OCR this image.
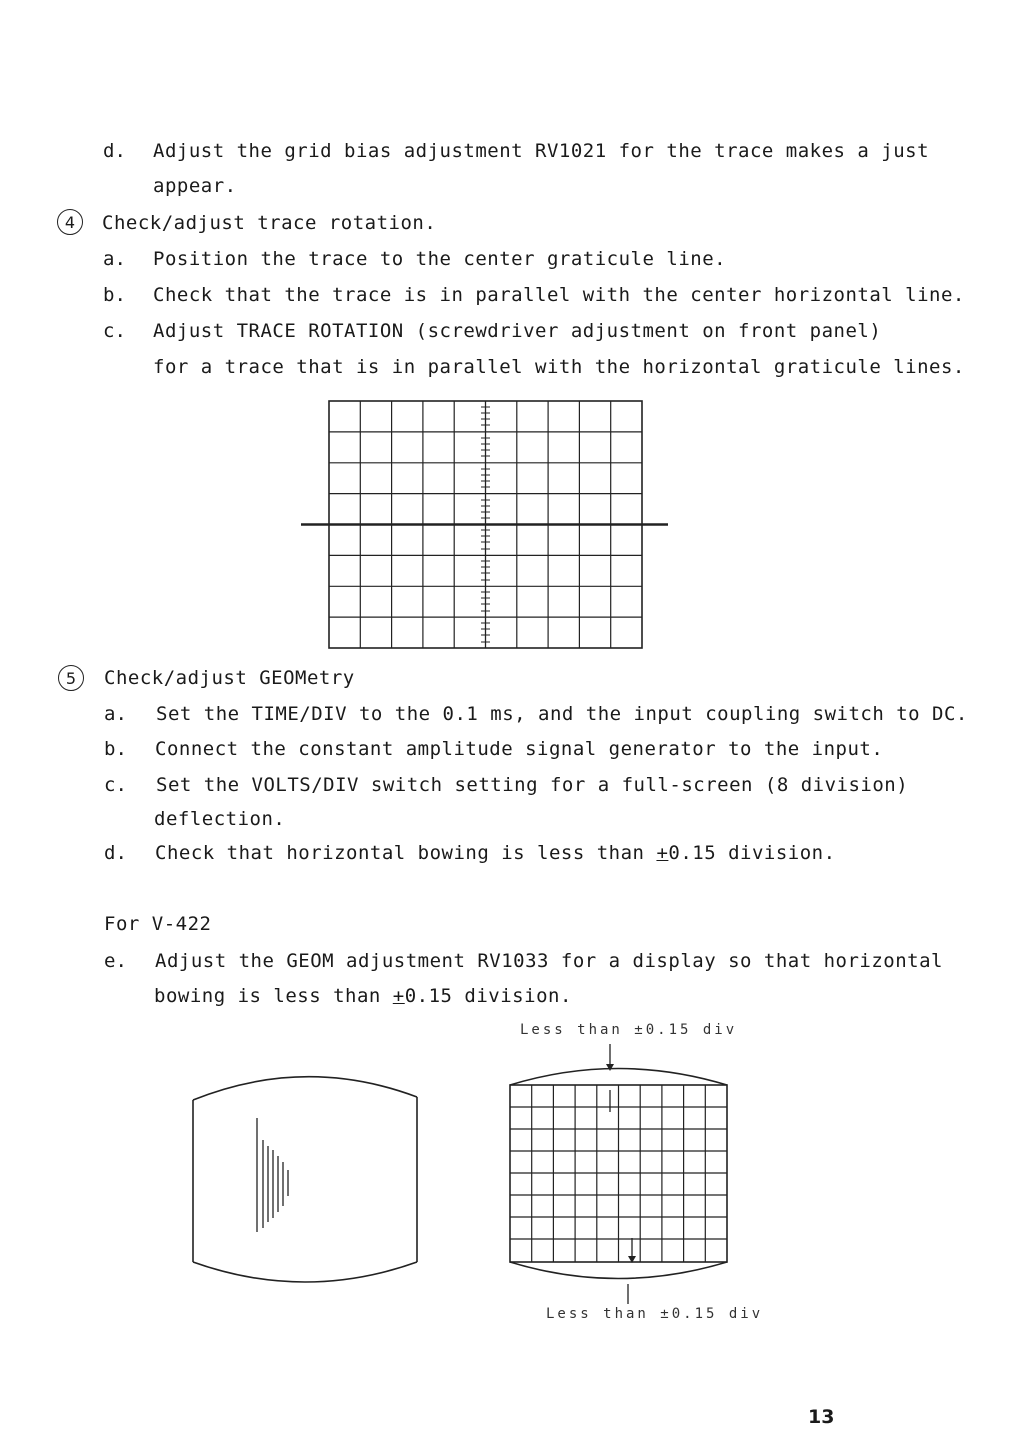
d. Adjust the grid bias adjustment RV1021 for the trace makes a just
appear.
4	Check/adjust trace rotation.
a. Position the trace to the center graticule line.
b. Check that the trace is in parallel with the center horizontal line.
c. Adjust TRACE ROTATION (screwdriver adjustment on front panel)
for a trace that is in parallel with the horizontal graticule lines.
5	Check/adjust GEOMetry
a. Set the TIME/DIV to the 0.1 ms, and the input coupling switch to DC.
b. Connect the constant amplitude signal generator to the input.
c. Set the VOLTS/DIV switch setting for a full-screen (8 division)
deflection.
d. Check that horizontal bowing is less than +0.15 division.
For V-422
e. Adjust the GEOM adjustment RV1033 for a display so that horizontal
bowing is less than +0.15 division.
Less than ±0.15 div
Less than ±0.15 div
13
